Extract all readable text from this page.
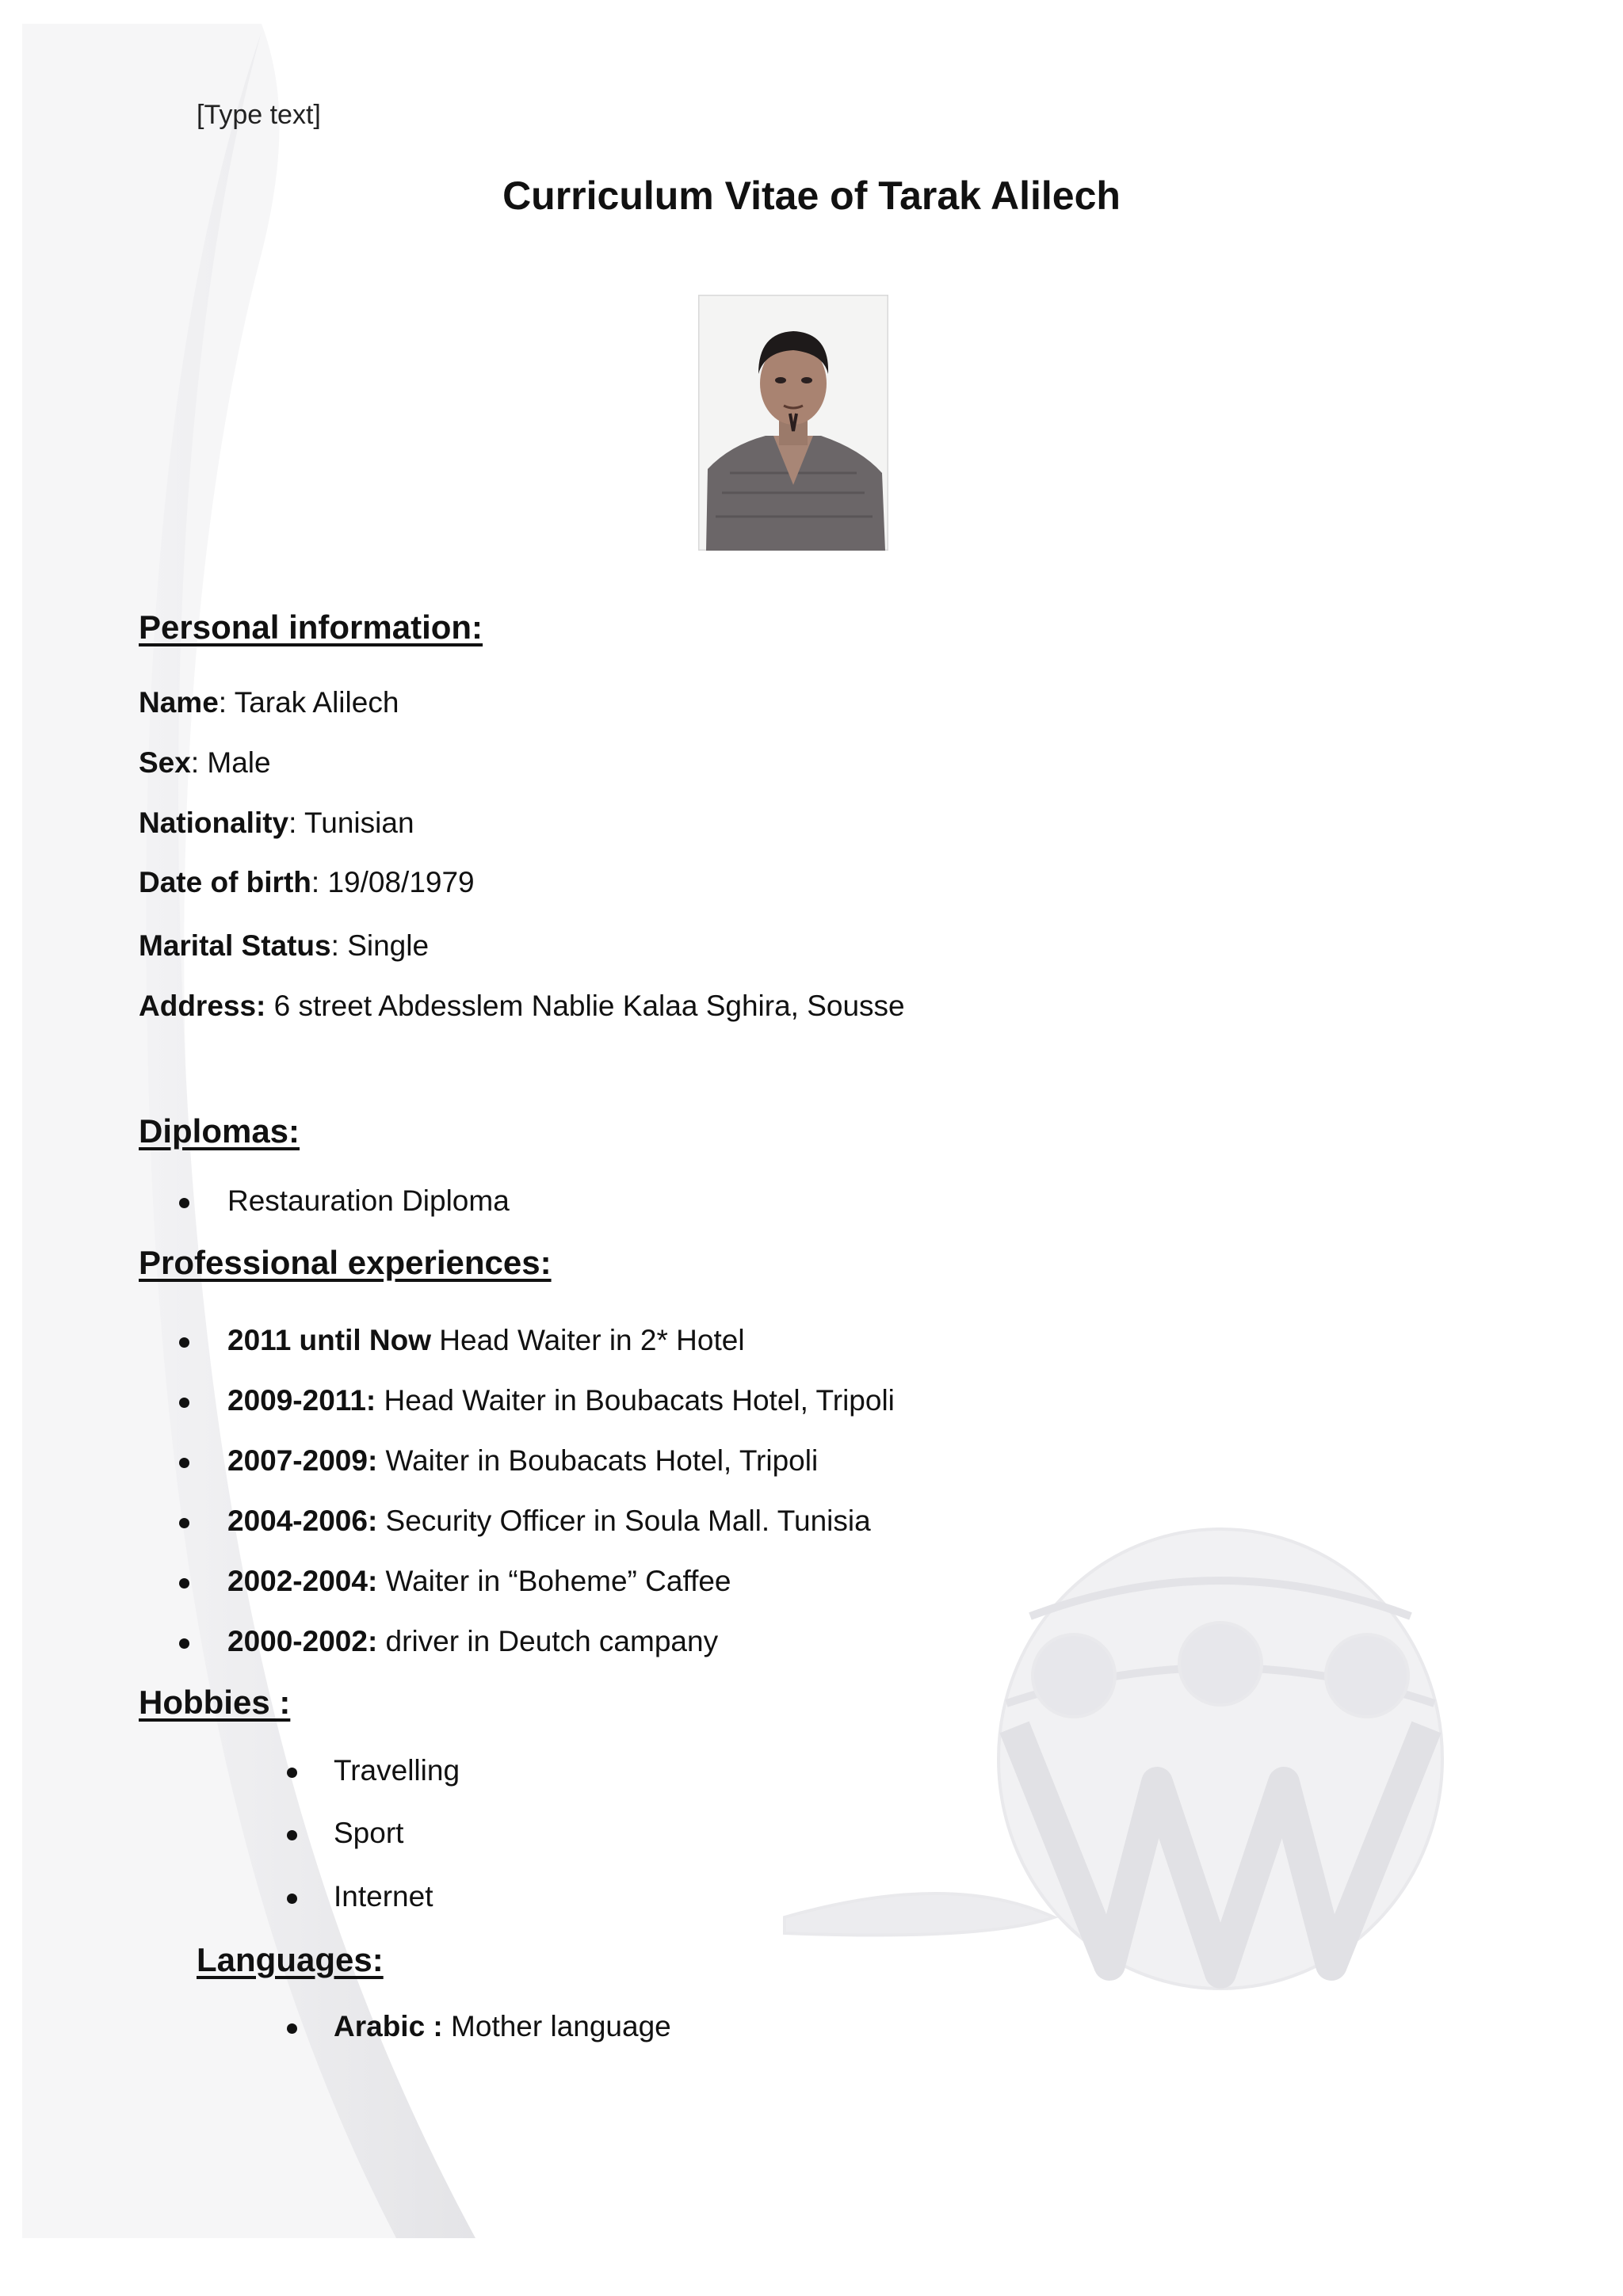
[Type text]
Curriculum Vitae of Tarak Alilech
Personal information:
Name: Tarak Alilech
Sex: Male
Nationality: Tunisian
Date of birth: 19/08/1979
Marital Status: Single
Address: 6 street Abdesslem Nablie Kalaa Sghira, Sousse
Diplomas:
Restauration Diploma
Professional experiences:
2011 until Now Head Waiter in 2* Hotel
2009-2011: Head Waiter in Boubacats Hotel, Tripoli
2007-2009: Waiter in Boubacats Hotel, Tripoli
2004-2006: Security Officer in Soula Mall. Tunisia
2002-2004: Waiter in “Boheme” Caffee
2000-2002: driver in Deutch campany
Hobbies :
Travelling
Sport
Internet
Languages:
Arabic : Mother language
